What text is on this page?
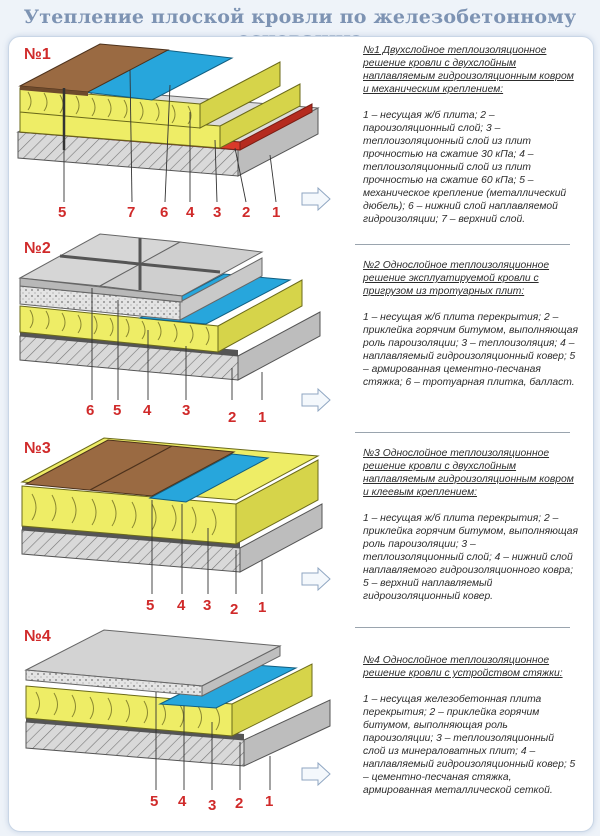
Утепление плоской кровли по железобетонному
№1
5	7 6 4 3 2 1
№1 Двухслойное теплоизоляционное решение кровли с двухслойным наплавляемым гидроизоляционным ковром и механическим креплением:
1 – несущая ж/б плита; 2 – пароизоляционный слой; 3 – теплоизоляционный слой из плит прочностью на сжатие 30 кПа; 4 – теплоизоляционный слой из плит прочностью на сжатие 60 кПа; 5 – механическое крепление (металлический дюбель); 6 – нижний слой наплавляемой гидроизоляции; 7 – верхний слой.
№2
6 5 4 3	2 1
№2 Однослойное теплоизоляционное решение эксплуатируемой кровли с пригрузом из тротуарных плит:
1 – несущая ж/б плита перекрытия; 2 – приклейка горячим битумом, выполняющая роль пароизоляции; 3 – теплоизоляция; 4 – наплавляемый гидроизоляционный ковер; 5 – армированная цементно-песчаная стяжка; 6 – тротуарная плитка, балласт.
№3
5 4 3 2 1
№3 Однослойное теплоизоляционное решение кровли с двухслойным наплавляемым гидроизоляционным ковром и клеевым креплением:
1 – несущая ж/б плита перекрытия; 2 – приклейка горячим битумом, выполняющая роль пароизоляции; 3 – теплоизоляционный слой; 4 – нижний слой наплавляемого гидроизоляционного ковра; 5 – верхний наплавляемый гидроизоляционный ковер.
№4
5 4 3 2 1
№4 Однослойное теплоизоляционное решение кровли с устройством стяжки:
1 – несущая железобетонная плита перекрытия; 2 – приклейка горячим битумом, выполняющая роль пароизоляции; 3 – теплоизоляционный слой из минераловатных плит; 4 – наплавляемый гидроизоляционный ковер; 5 – цементно-песчаная стяжка, армированная металлической сеткой.
